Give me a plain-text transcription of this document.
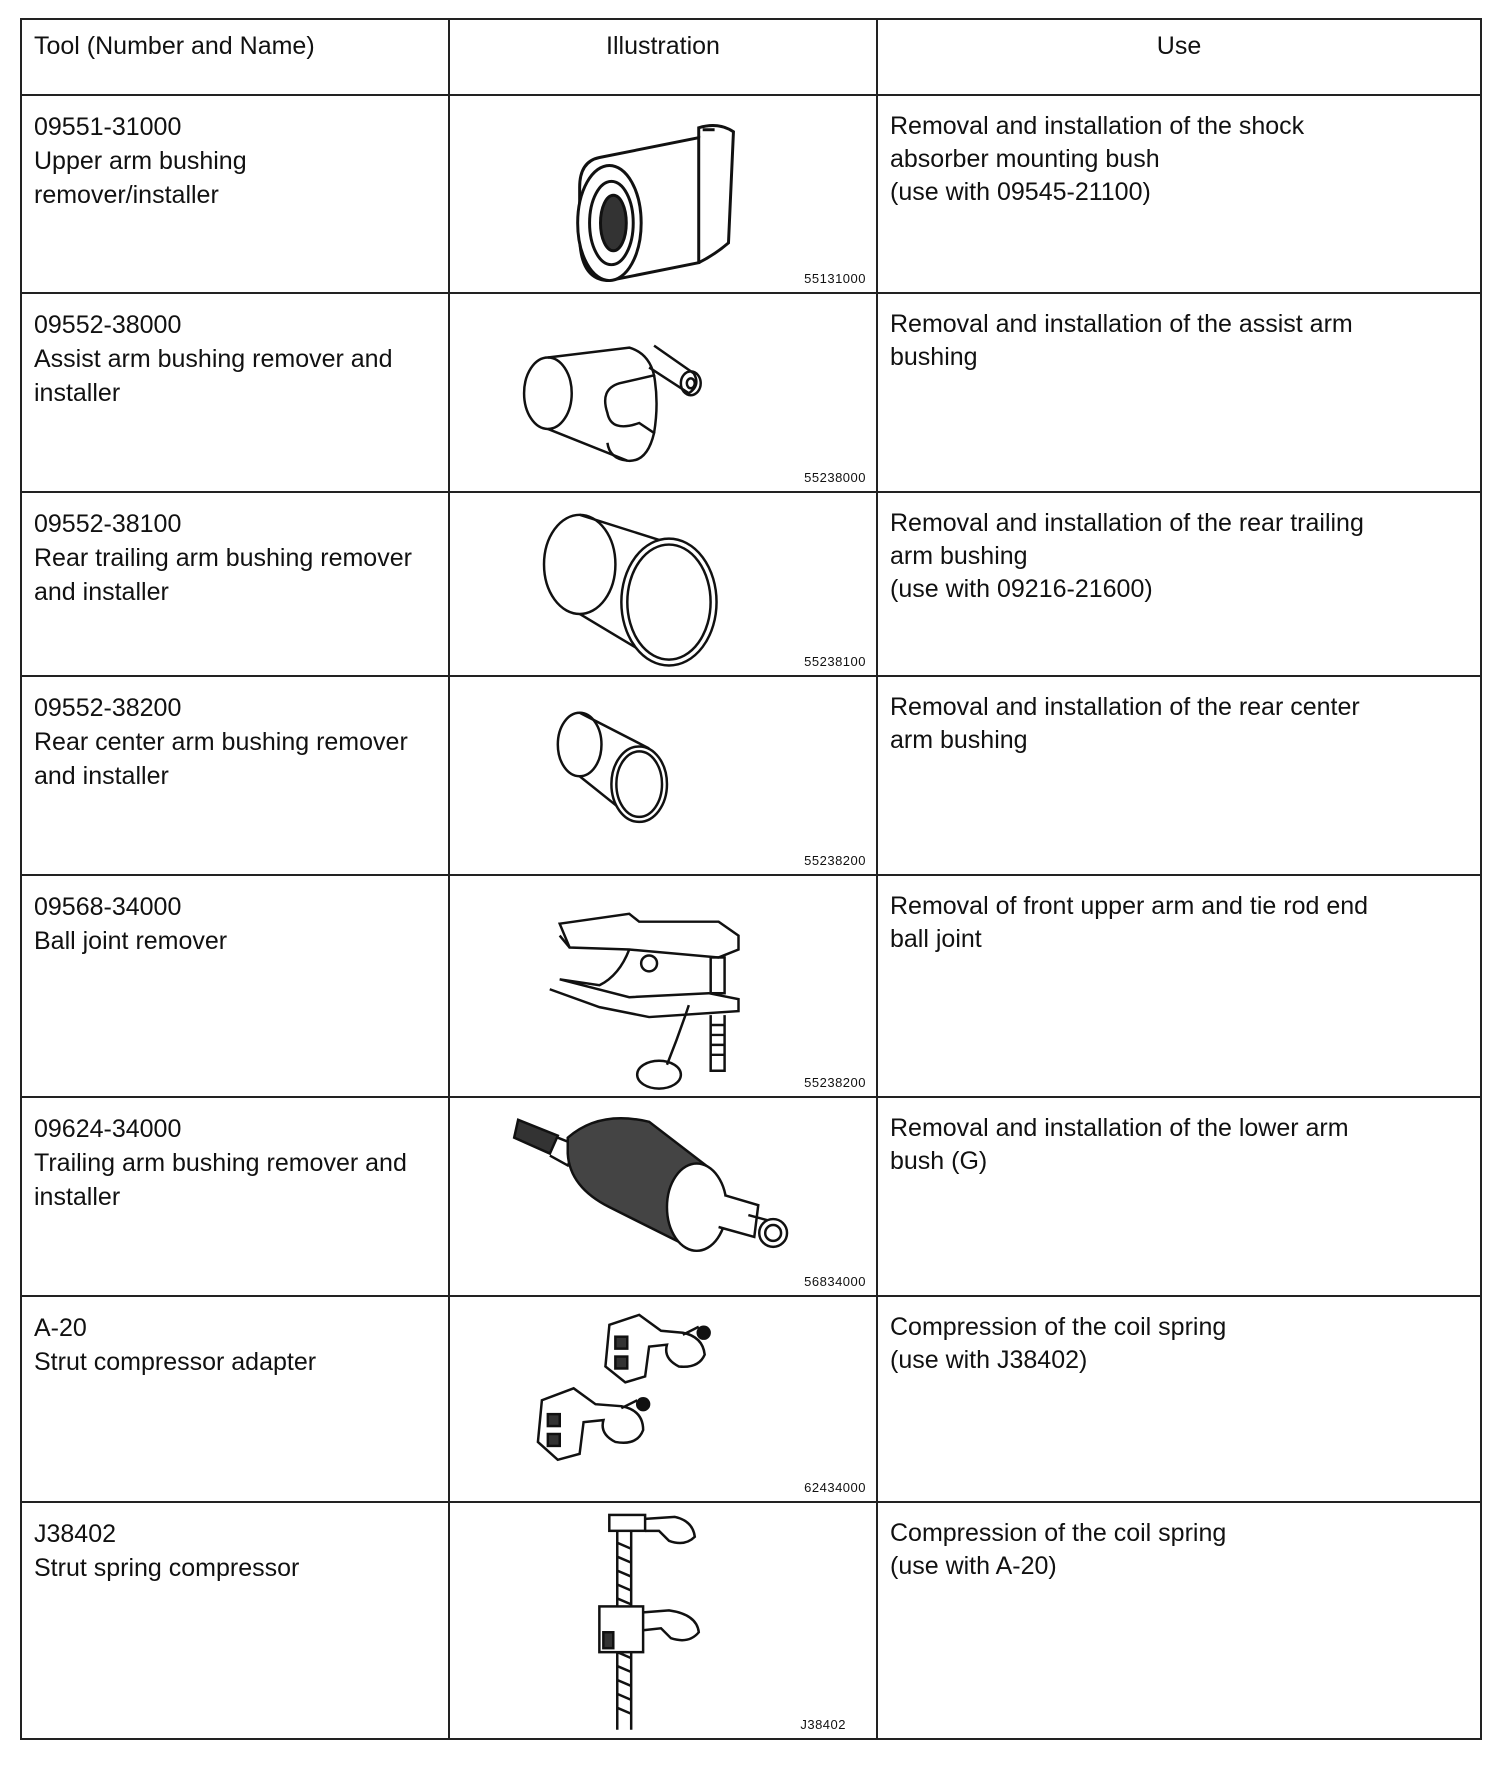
Tool (Number and Name)	Illustration	Use

09551-31000
Upper arm bushing remover/installer	55131000	Removal and installation of the shock
absorber mounting bush
(use with 09545-21100)

09552-38000
Assist arm bushing remover and
installer	55238000	Removal and installation of the assist arm
bushing

09552-38100
Rear trailing arm bushing remover
and installer	55238100	Removal and installation of the rear trailing
arm bushing
(use with 09216-21600)

09552-38200
Rear center arm bushing remover
and installer	55238200	Removal and installation of the rear center
arm bushing

09568-34000
Ball joint remover	55238200	Removal of front upper arm and tie rod end
ball joint

09624-34000
Trailing arm bushing remover and
installer	56834000	Removal and installation of the lower arm
bush (G)

A-20
Strut compressor adapter	62434000	Compression of the coil spring
(use with J38402)

J38402
Strut spring compressor	J38402	Compression of the coil spring
(use with A-20)
